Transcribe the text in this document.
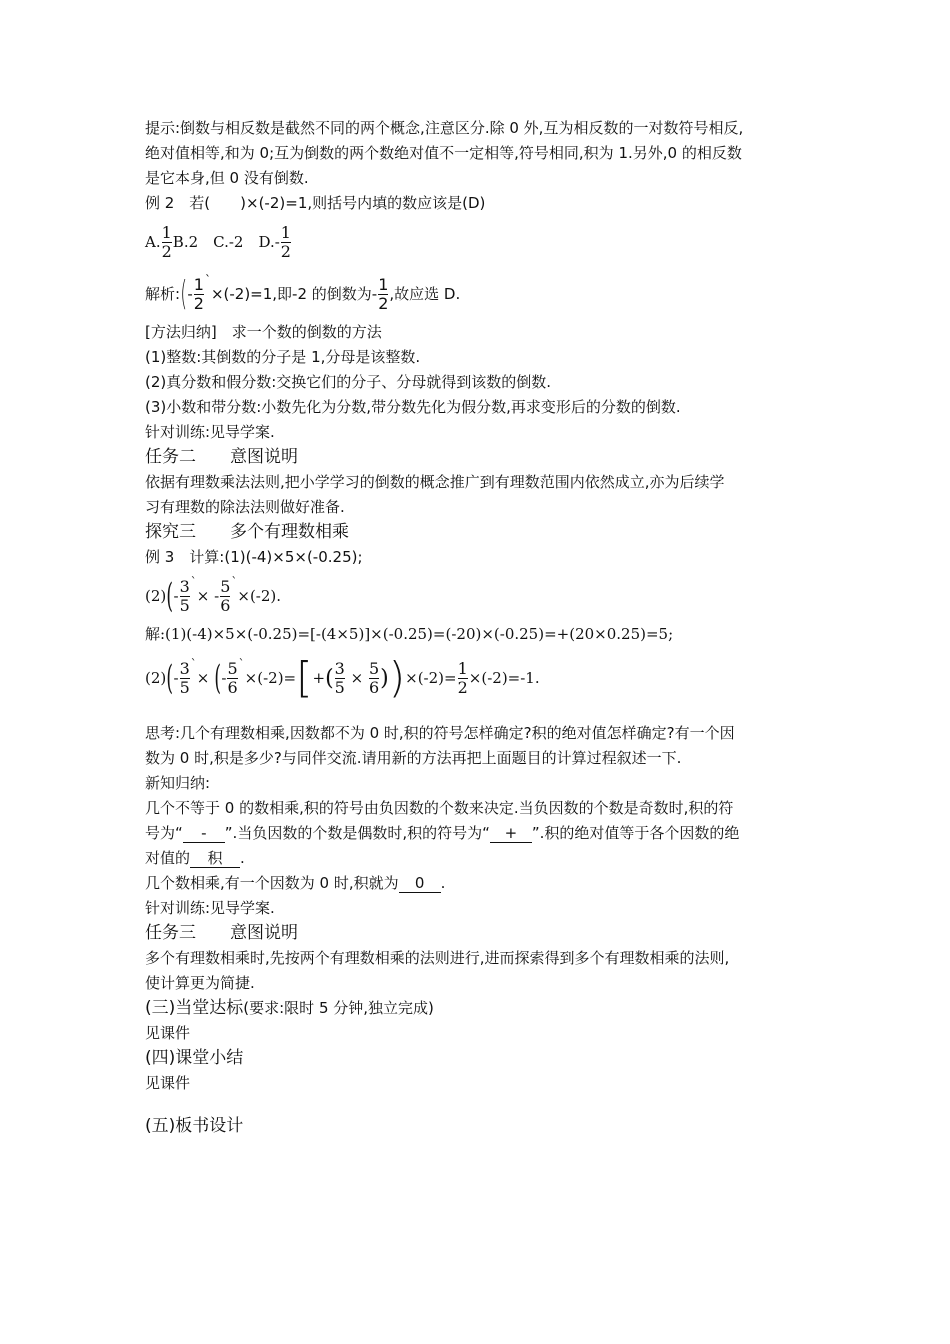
提示:倒数与相反数是截然不同的两个概念,注意区分.除 0 外,互为相反数的一对数符号相反,
绝对值相等,和为 0;互为倒数的两个数绝对值不一定相等,符号相同,积为 1.另外,0 的相反数
是它本身,但 0 没有倒数.
例 2　若(　　)×(-2)=1,则括号内填的数应该是(D)
A. $\frac{1}{2} B.2$　C.-2　$D.- \frac{1}{2}$
解析: ( - $\frac{1}{2}$ `
×(-2)=1,即-2 的倒数为- $\frac{1}{2}$ ,故应选 D.
[方法归纳]　求一个数的倒数的方法
(1)整数:其倒数的分子是 1,分母是该整数.
(2)真分数和假分数:交换它们的分子、分母就得到该数的倒数.
(3)小数和带分数:小数先化为分数,带分数先化为假分数,再求变形后的分数的倒数.
针对训练:见导学案.
任务二　　意图说明
依据有理数乘法法则,把小学学习的倒数的概念推广到有理数范围内依然成立,亦为后续学
习有理数的除法法则做好准备.
探究三　　多个有理数相乘
例 3　计算:(1)(-4)×5×(-0.25);
(2) ( - $\frac{3}{5}$ `
× - $\frac{5}{6}$ `
×(-2).
解:(1)(-4)×5×(-0.25)=[-(4×5)]×(-0.25)=(-20)×(-0.25)=+(20×0.25)=5;
(2) ( - $\frac{3}{5}$ `
× ( - $\frac{5}{6}$ `
×(-2)= [ + ( $\frac{3}{5} \times \frac{5}{6}$ ) ) $\times(-2)= \frac{1}{2} \times(-2)=-1$.
思考:几个有理数相乘,因数都不为 0 时,积的符号怎样确定?积的绝对值怎样确定?有一个因
数为 0 时,积是多少?与同伴交流.请用新的方法再把上面题目的计算过程叙述一下.
新知归纳:
几个不等于 0 的数相乘,积的符号由负因数的个数来决定.当负因数的个数是奇数时,积的符
号为“ - ”.当负因数的个数是偶数时,积的符号为“ + ”.积的绝对值等于各个因数的绝
对值的 积 .
几个数相乘,有一个因数为 0 时,积就为 0 .
针对训练:见导学案.
任务三　　意图说明
多个有理数相乘时,先按两个有理数相乘的法则进行,进而探索得到多个有理数相乘的法则,
使计算更为简捷.
(三)当堂达标(要求:限时 5 分钟,独立完成)
见课件
(四)课堂小结
见课件
(五)板书设计
